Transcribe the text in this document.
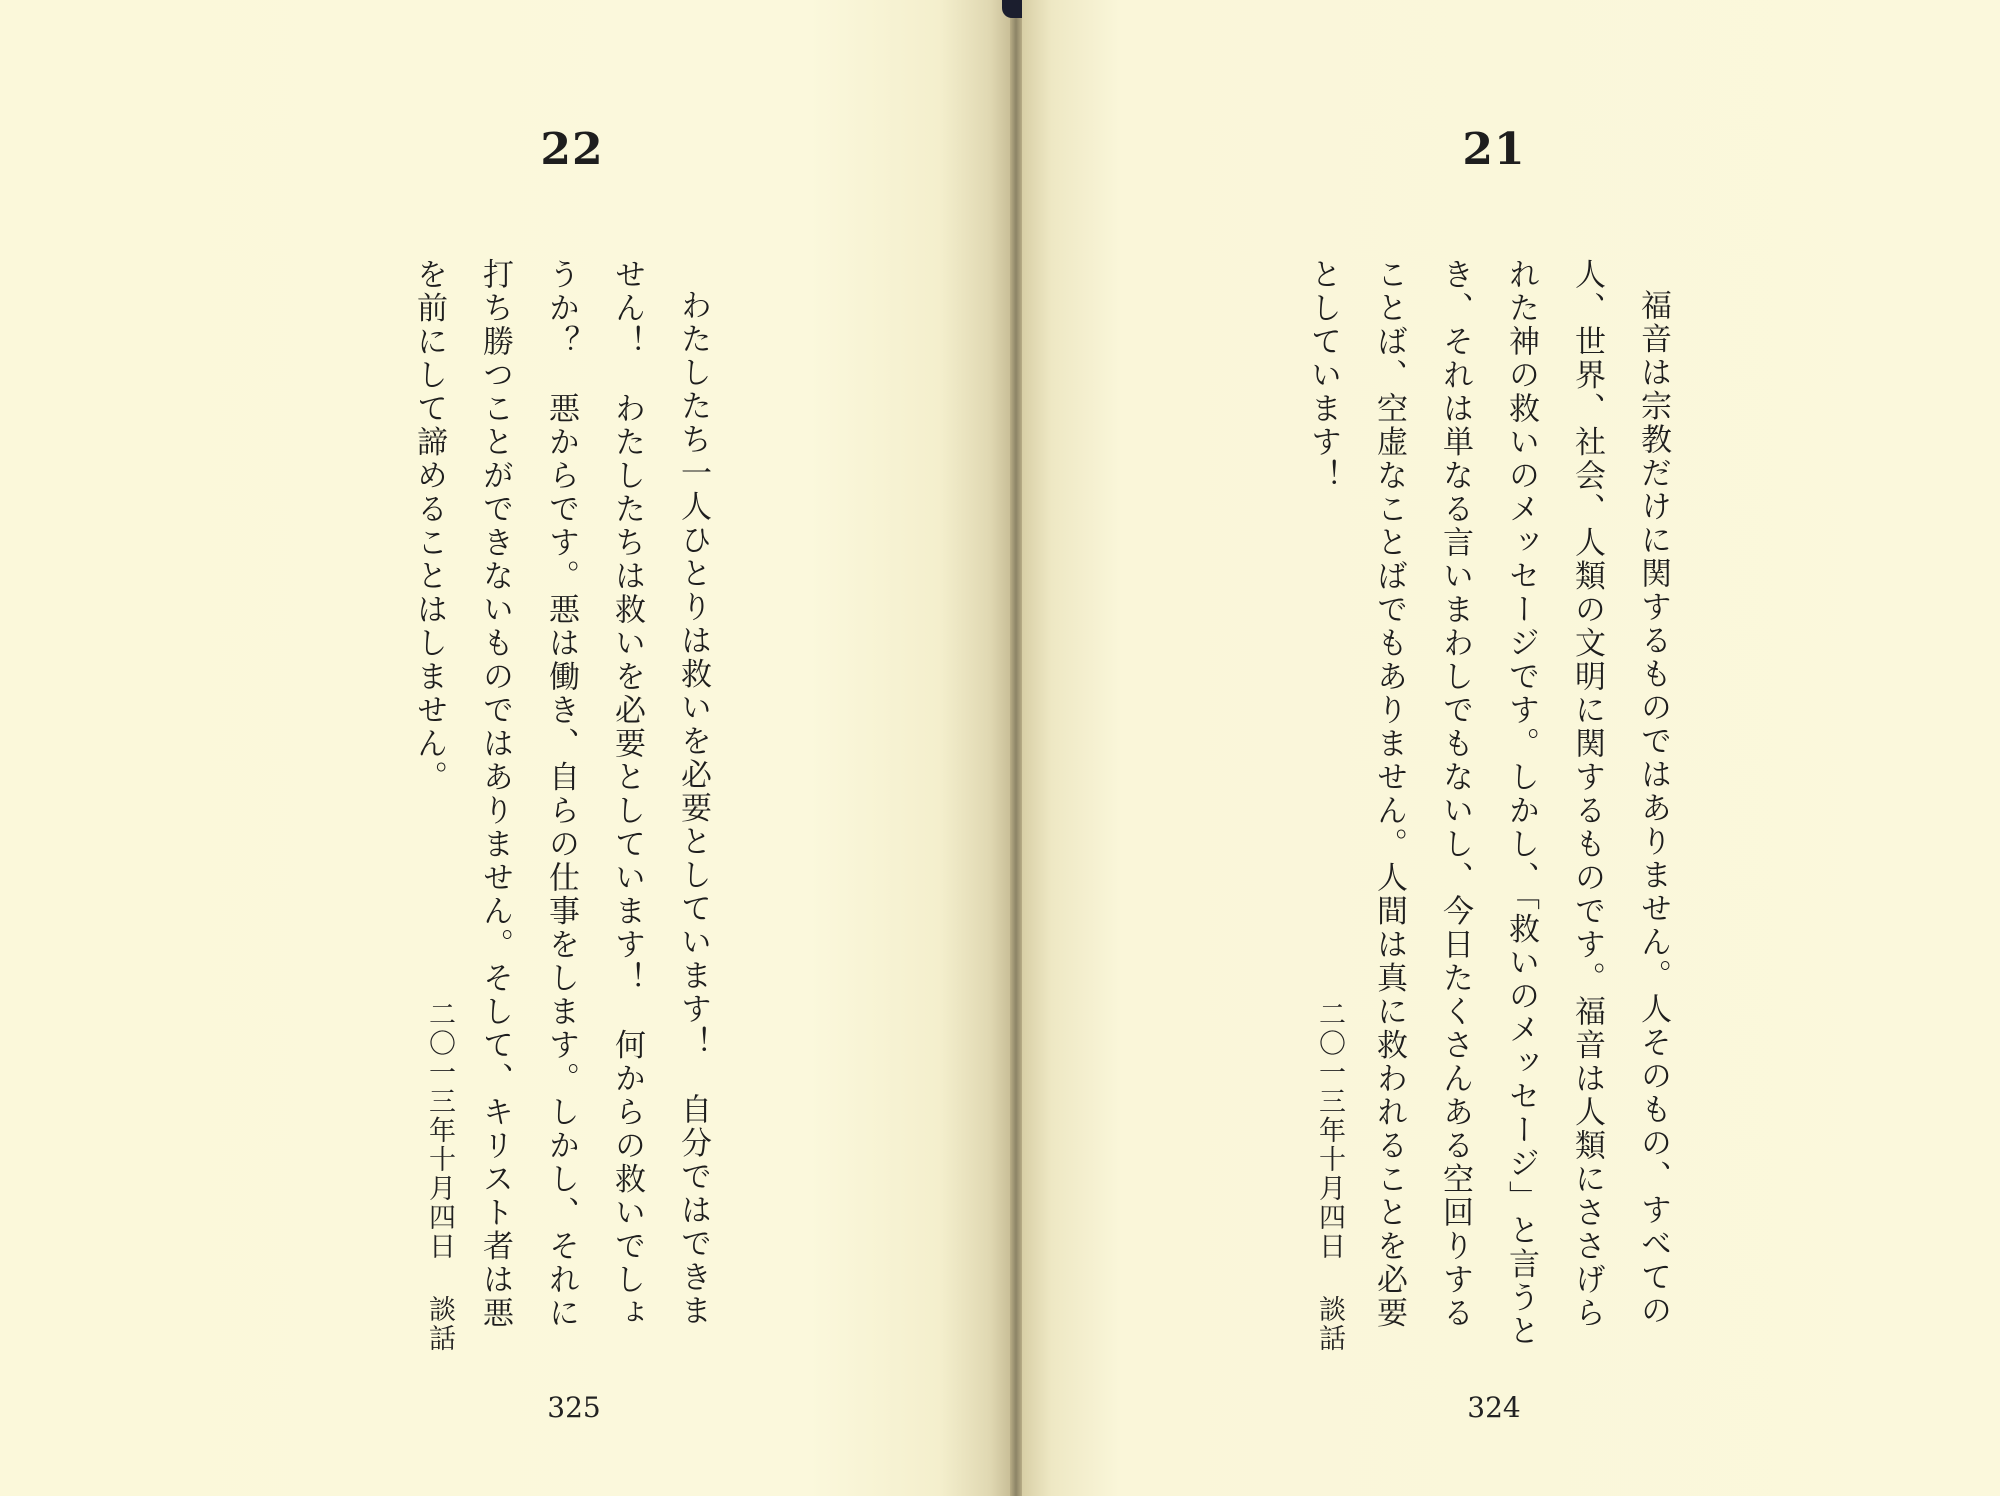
22

わたしたち一人ひとりは救いを必要としています！　自分ではできません！　わたしたちは救いを必要としています！　何からの救いでしょうか？　悪からです。悪は働き、自らの仕事をします。しかし、それに打ち勝つことができないものではありません。そして、キリスト者は悪を前にして諦めることはしません。

二〇一三年十月四日談話
325
21

福音は宗教だけに関するものではありません。人そのもの、すべての人、世界、社会、人類の文明に関するものです。福音は人類にささげられた神の救いのメッセージです。しかし、「救いのメッセージ」と言うとき、それは単なる言いまわしでもないし、今日たくさんある空回りすることば、空虚なことばでもありません。人間は真に救われることを必要としています！

二〇一三年十月四日談話
324
